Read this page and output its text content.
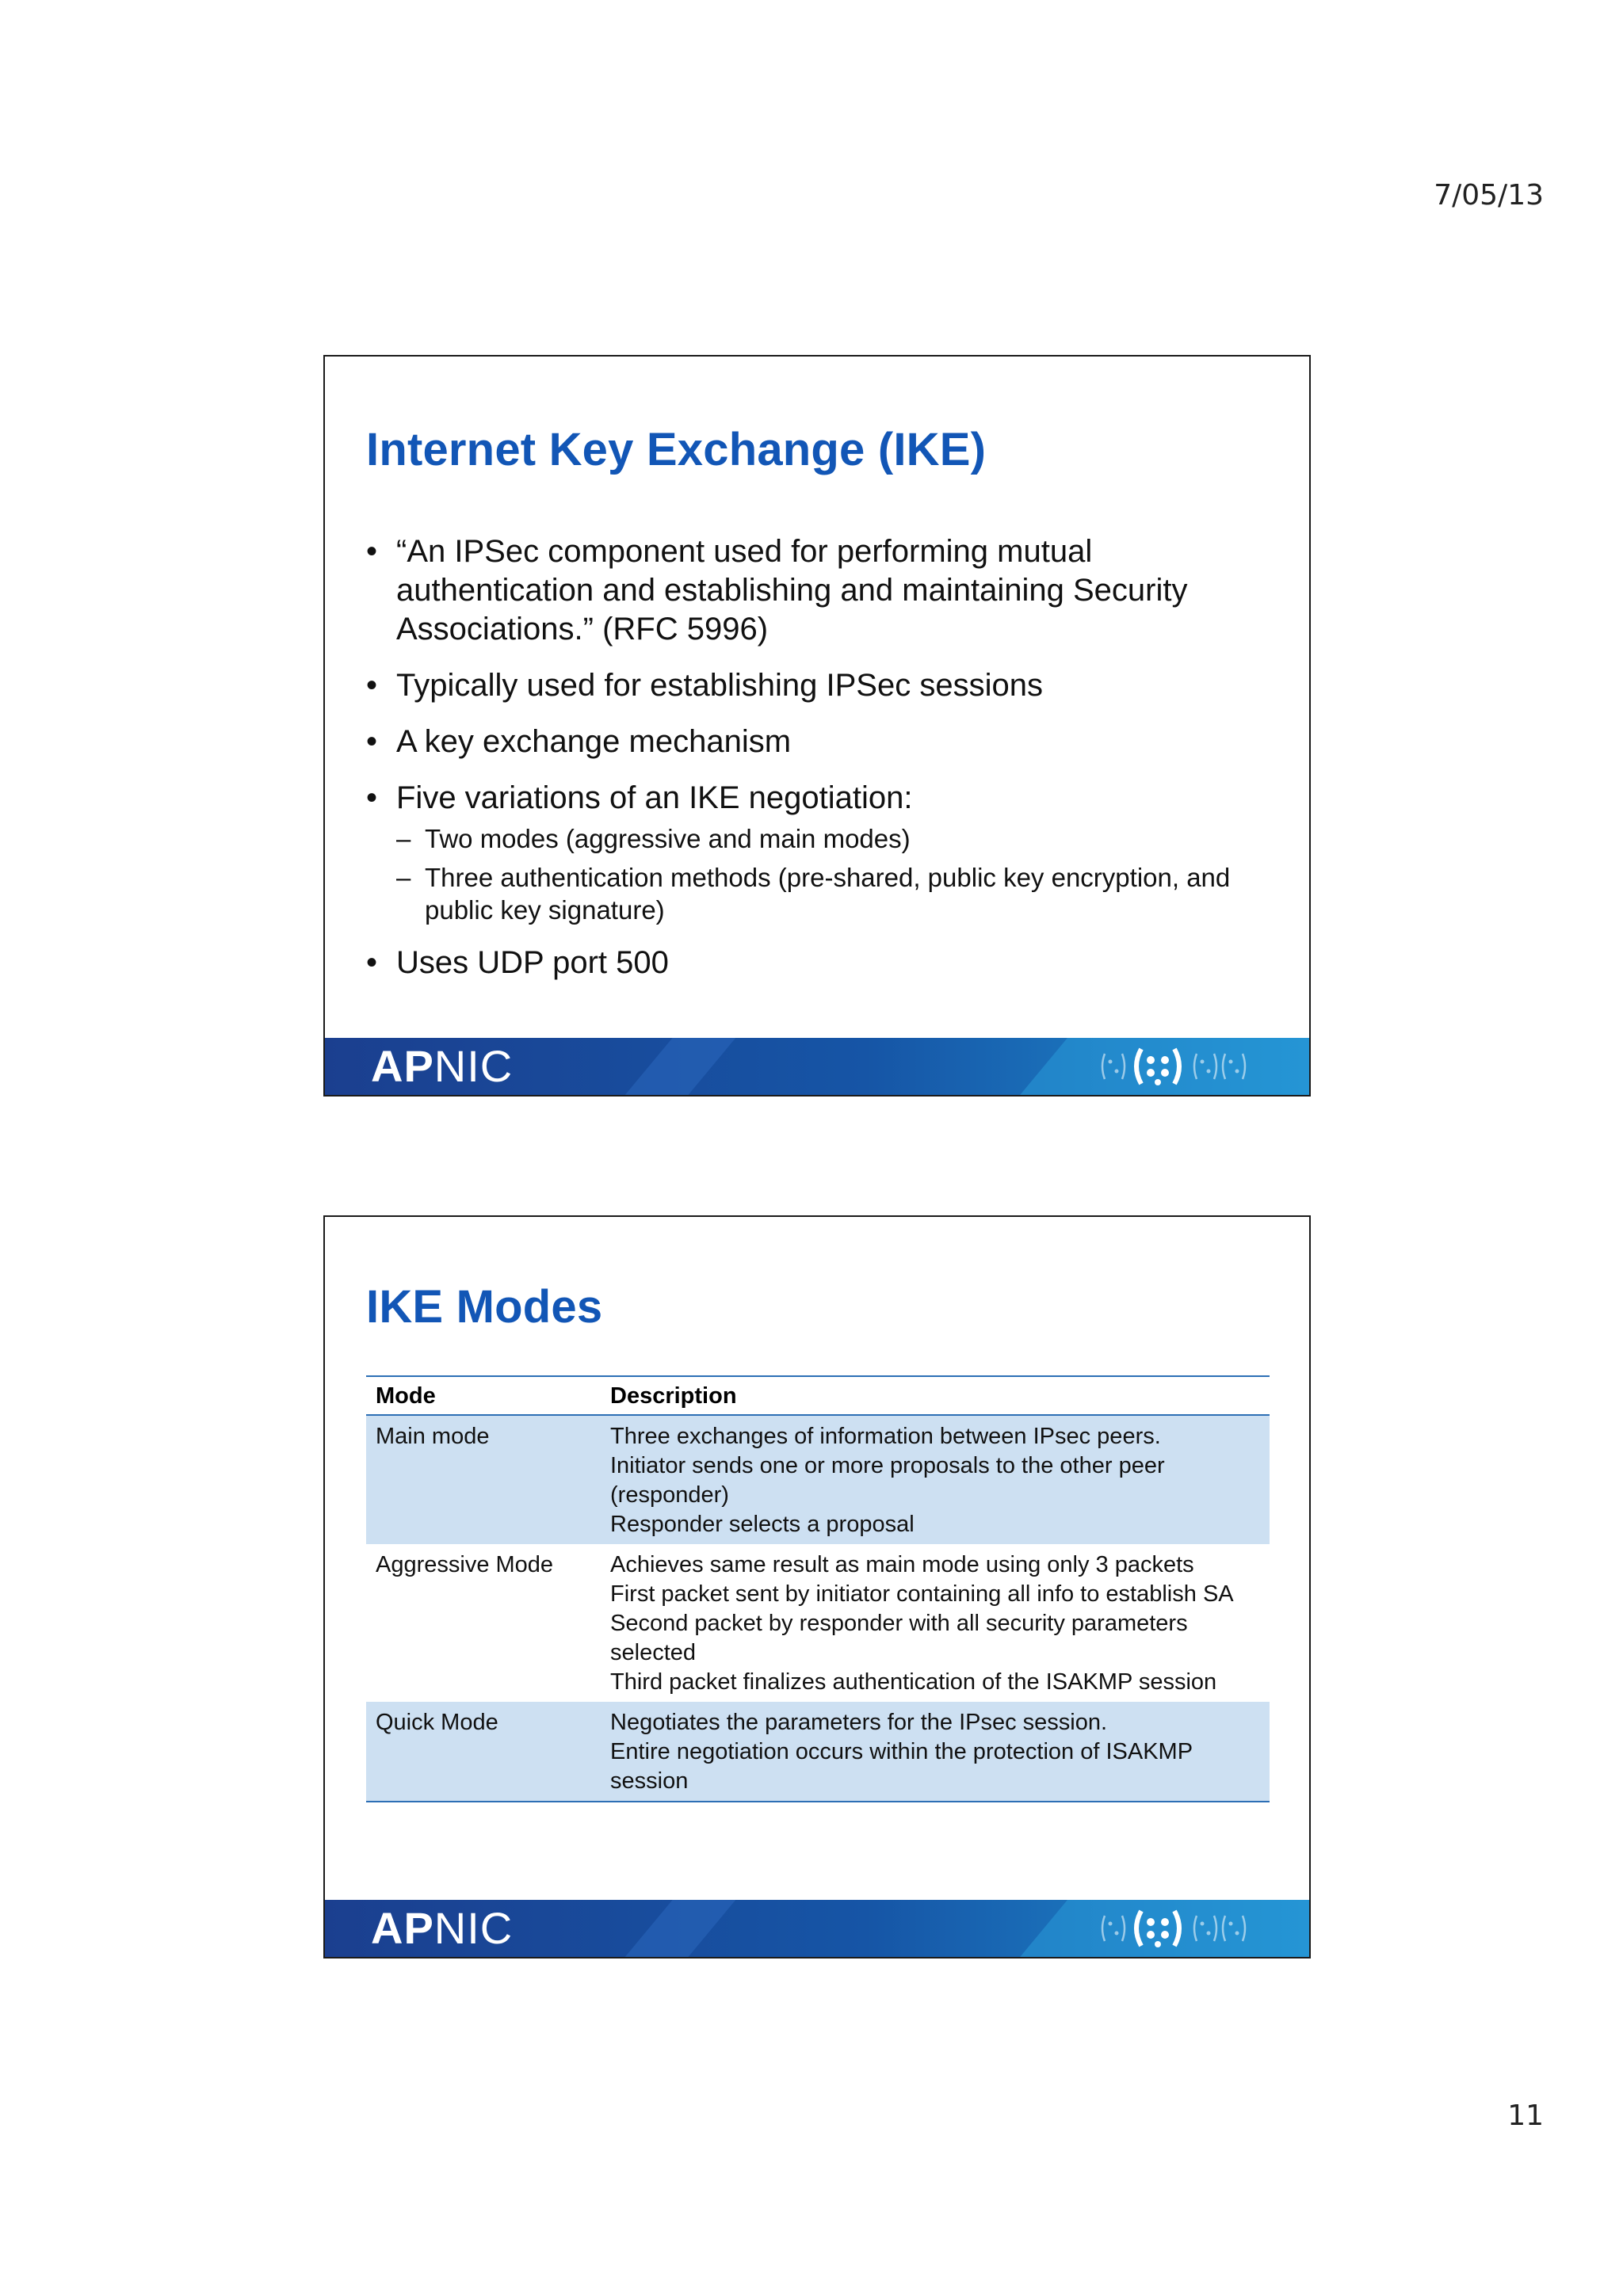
7/05/13
Internet Key Exchange (IKE)
• “An IPSec component used for performing mutual authentication and establishing and maintaining Security Associations.” (RFC 5996)
• Typically used for establishing IPSec sessions
• A key exchange mechanism
• Five variations of an IKE negotiation:
– Two modes (aggressive and main modes)
– Three authentication methods (pre-shared, public key encryption, and public key signature)
• Uses UDP port 500
APNIC
IKE Modes
Mode	Description
Main mode	Three exchanges of information between IPsec peers.
Initiator sends one or more proposals to the other peer (responder)
Responder selects a proposal

Aggressive Mode	Achieves same result as main mode using only 3 packets
First packet sent by initiator containing all info to establish SA
Second packet by responder with all security parameters selected
Third packet finalizes authentication of the ISAKMP session

Quick Mode	Negotiates the parameters for the IPsec session.
Entire negotiation occurs within the protection of ISAKMP session
APNIC
11
